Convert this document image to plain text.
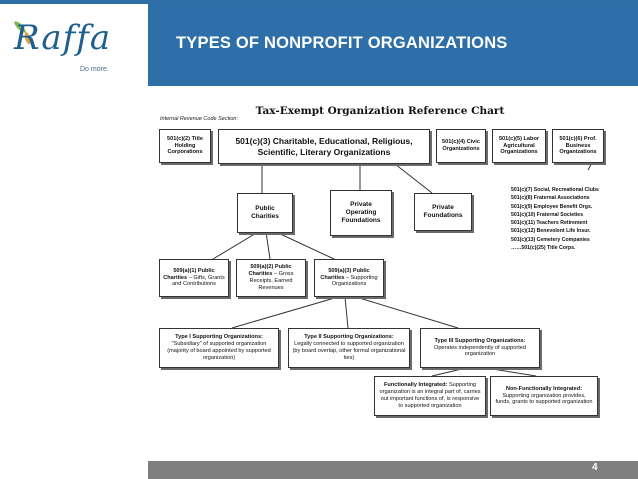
Raffa
Do more.
TYPES OF NONPROFIT ORGANIZATIONS
Tax-Exempt Organization Reference Chart
Internal Revenue Code Section:
501(c)(2) Title Holding Corporations
501(c)(3) Charitable, Educational, Religious, Scientific, Literary Organizations
501(c)(4) Civic Organizations
501(c)(5) Labor Agricultural Organizations
501(c)(6) Prof. Business Organizations
501(c)(7) Social, Recreational Clubs
501(c)(8) Fraternal Associations
501(c)(9) Employee Benefit Orgs.
501(c)(10) Fraternal Societies
501(c)(11) Teachers Retirement
501(c)(12) Benevolent Life Insur.
501(c)(13) Cemetery Companies
……501(c)(25) Title Corps.
Public Charities
Private Operating Foundations
Private Foundations
509(a)(1) Public Charities – Gifts, Grants and Contributions
509(a)(2) Public Charities – Gross Receipts, Earned Revenues
509(a)(3) Public Charities – Supporting Organizations
Type I Supporting Organizations:
"Subsidiary" of supported organization (majority of board appointed by supported organization)
Type II Supporting Organizations:
Legally connected to supported organization (by board overlap, other formal organizational ties)
Type III Supporting Organizations:
Operates independently of supported organization
Functionally Integrated: Supporting organization is an integral part of, carries out important functions of, is responsive to supported organization
Non-Functionally Integrated: Supporting organization provides, funds, grants to supported organization
4
